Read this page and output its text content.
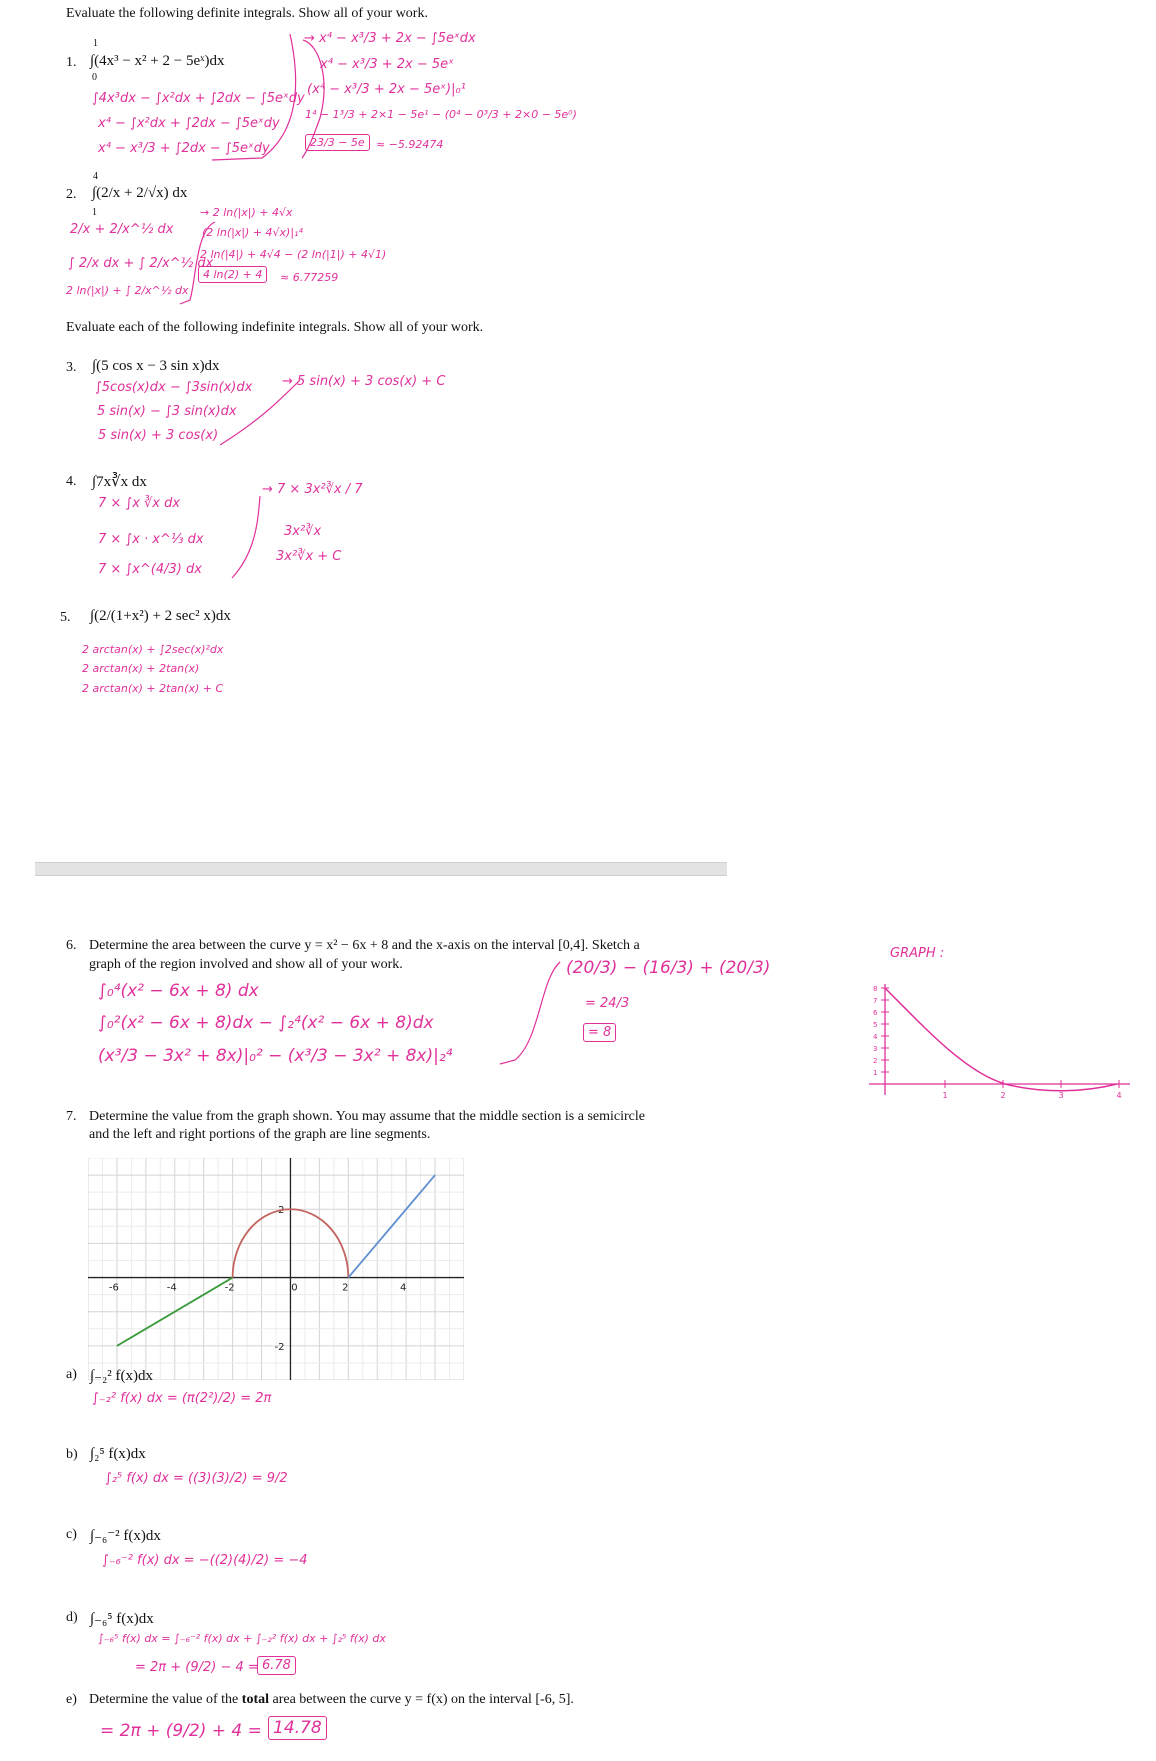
Evaluate the following definite integrals. Show all of your work.
1.
1
0
∫(4x³ − x² + 2 − 5eˣ)dx
∫4x³dx − ∫x²dx + ∫2dx − ∫5eˣdy
x⁴ − ∫x²dx + ∫2dx − ∫5eˣdy
x⁴ − x³/3 + ∫2dx − ∫5eˣdy
→ x⁴ − x³/3 + 2x − ∫5eˣdx
x⁴ − x³/3 + 2x − 5eˣ
(x⁴ − x³/3 + 2x − 5eˣ)|₀¹
1⁴ − 1³/3 + 2×1 − 5e¹ − (0⁴ − 0³/3 + 2×0 − 5e⁰)
23/3 − 5e	≈ −5.92474
2.
4
1
∫(2/x + 2/√x) dx
2/x + 2/x^½ dx
∫ 2/x dx + ∫ 2/x^½ dx
2 ln(|x|) + ∫ 2/x^½ dx
→ 2 ln(|x|) + 4√x
(2 ln(|x|) + 4√x)|₁⁴
2 ln(|4|) + 4√4 − (2 ln(|1|) + 4√1)
4 ln(2) + 4	≈ 6.77259
Evaluate each of the following indefinite integrals. Show all of your work.
3. ∫(5 cos x − 3 sin x)dx
∫5cos(x)dx − ∫3sin(x)dx
5 sin(x) − ∫3 sin(x)dx
5 sin(x) + 3 cos(x)
→ 5 sin(x) + 3 cos(x) + C
4. ∫7x∛x dx
7 × ∫x ∛x dx
7 × ∫x · x^⅓ dx
7 × ∫x^(4/3) dx
→ 7 × 3x²∛x / 7
3x²∛x
3x²∛x + C
5. ∫(2/(1+x²) + 2 sec² x)dx
2 arctan(x) + ∫2sec(x)²dx
2 arctan(x) + 2tan(x)
2 arctan(x) + 2tan(x) + C
6. Determine the area between the curve y = x² − 6x + 8 and the x-axis on the interval [0,4]. Sketch a
graph of the region involved and show all of your work.
∫₀⁴(x² − 6x + 8) dx
∫₀²(x² − 6x + 8)dx − ∫₂⁴(x² − 6x + 8)dx
(x³/3 − 3x² + 8x)|₀² − (x³/3 − 3x² + 8x)|₂⁴
(20/3) − (16/3) + (20/3)
= 24/3
= 8
GRAPH :
8
7
6
5
4
3
2
1
1	2	3	4
7. Determine the value from the graph shown. You may assume that the middle section is a semicircle
and the left and right portions of the graph are line segments.
-6	-4	-2	0	2	4
2
-2
a) ∫₋₂² f(x)dx
∫₋₂² f(x) dx = (π(2²)/2) = 2π
b) ∫₂⁵ f(x)dx
∫₂⁵ f(x) dx = ((3)(3)/2) = 9/2
c) ∫₋₆⁻² f(x)dx
∫₋₆⁻² f(x) dx = −((2)(4)/2) = −4
d) ∫₋₆⁵ f(x)dx
∫₋₆⁵ f(x) dx = ∫₋₆⁻² f(x) dx + ∫₋₂² f(x) dx + ∫₂⁵ f(x) dx
= 2π + (9/2) − 4 = 6.78
e) Determine the value of the total area between the curve y = f(x) on the interval [-6, 5].
= 2π + (9/2) + 4 = 14.78
